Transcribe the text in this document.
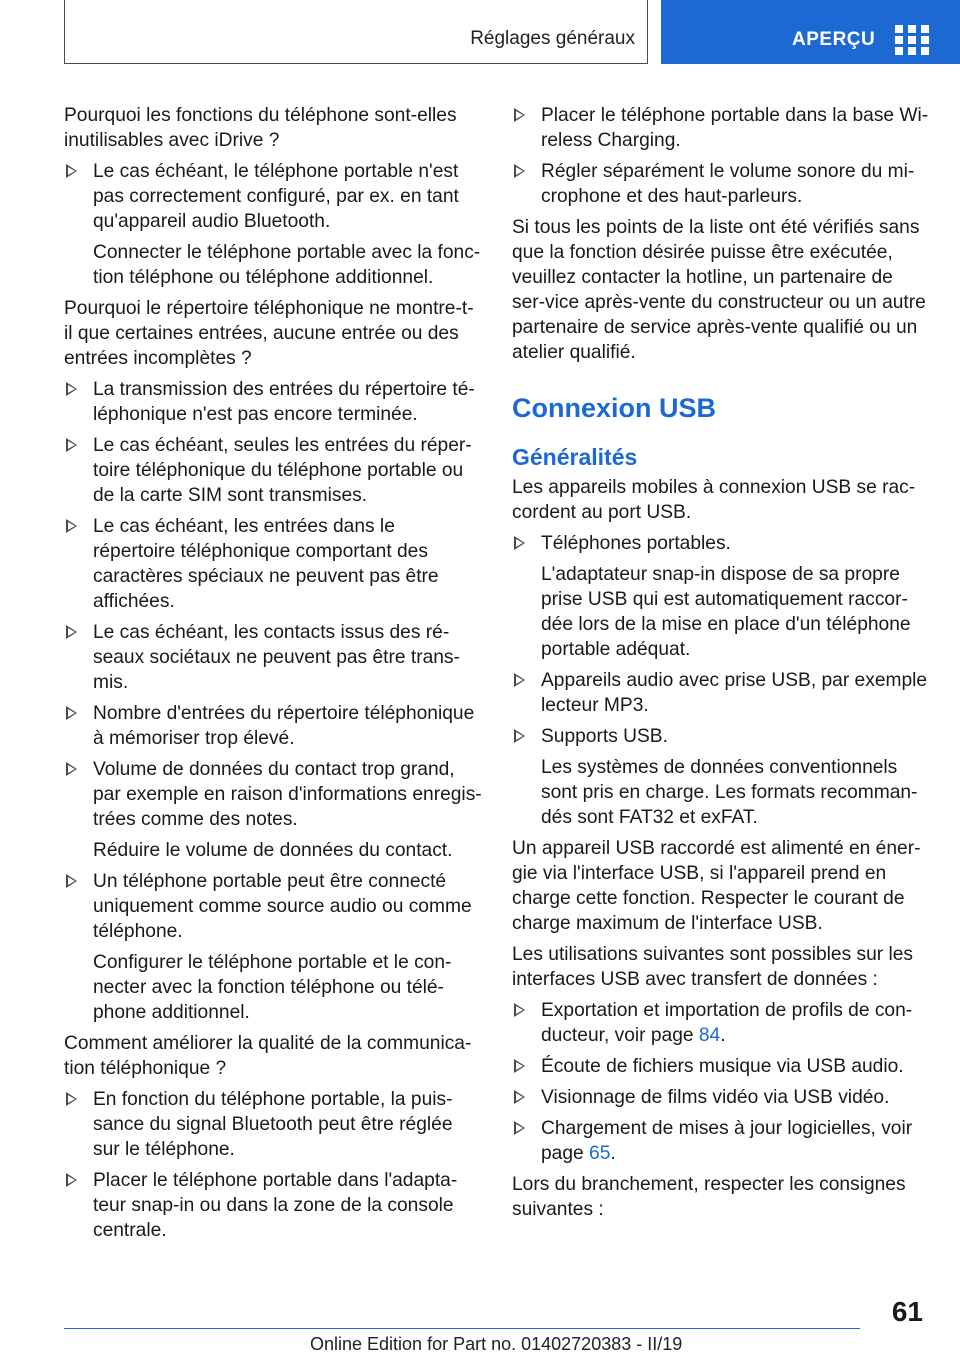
Réglages généraux	APERÇU

Pourquoi les fonctions du téléphone sont-elles inutilisables avec iDrive ?

Le cas échéant, le téléphone portable n'est pas correctement configuré, par ex. en tant qu'appareil audio Bluetooth.

Connecter le téléphone portable avec la fonc-tion téléphone ou téléphone additionnel.

Pourquoi le répertoire téléphonique ne montre-t-il que certaines entrées, aucune entrée ou des entrées incomplètes ?

La transmission des entrées du répertoire té-léphonique n'est pas encore terminée.
Le cas échéant, seules les entrées du réper-toire téléphonique du téléphone portable ou de la carte SIM sont transmises.
Le cas échéant, les entrées dans le répertoire téléphonique comportant des caractères spéciaux ne peuvent pas être affichées.
Le cas échéant, les contacts issus des ré-seaux sociétaux ne peuvent pas être trans-mis.
Nombre d'entrées du répertoire téléphonique à mémoriser trop élevé.
Volume de données du contact trop grand, par exemple en raison d'informations enregis-trées comme des notes.

Réduire le volume de données du contact.

Un téléphone portable peut être connecté uniquement comme source audio ou comme téléphone.

Configurer le téléphone portable et le con-necter avec la fonction téléphone ou télé-phone additionnel.

Comment améliorer la qualité de la communica-tion téléphonique ?

En fonction du téléphone portable, la puis-sance du signal Bluetooth peut être réglée sur le téléphone.
Placer le téléphone portable dans l'adapta-teur snap-in ou dans la zone de la console centrale.
Placer le téléphone portable dans la base Wi-reless Charging.
Régler séparément le volume sonore du mi-crophone et des haut-parleurs.

Si tous les points de la liste ont été vérifiés sans que la fonction désirée puisse être exécutée, veuillez contacter la hotline, un partenaire de ser-vice après-vente du constructeur ou un autre partenaire de service après-vente qualifié ou un atelier qualifié.

Connexion USB
Généralités

Les appareils mobiles à connexion USB se rac-cordent au port USB.

Téléphones portables.

L'adaptateur snap-in dispose de sa propre prise USB qui est automatiquement raccor-dée lors de la mise en place d'un téléphone portable adéquat.

Appareils audio avec prise USB, par exemple lecteur MP3.
Supports USB.

Les systèmes de données conventionnels sont pris en charge. Les formats recomman-dés sont FAT32 et exFAT.

Un appareil USB raccordé est alimenté en éner-gie via l'interface USB, si l'appareil prend en charge cette fonction. Respecter le courant de charge maximum de l'interface USB.

Les utilisations suivantes sont possibles sur les interfaces USB avec transfert de données :

Exportation et importation de profils de con-ducteur, voir page 84.
Écoute de fichiers musique via USB audio.
Visionnage de films vidéo via USB vidéo.
Chargement de mises à jour logicielles, voir page 65.

Lors du branchement, respecter les consignes suivantes :

61
Online Edition for Part no. 01402720383 - II/19
